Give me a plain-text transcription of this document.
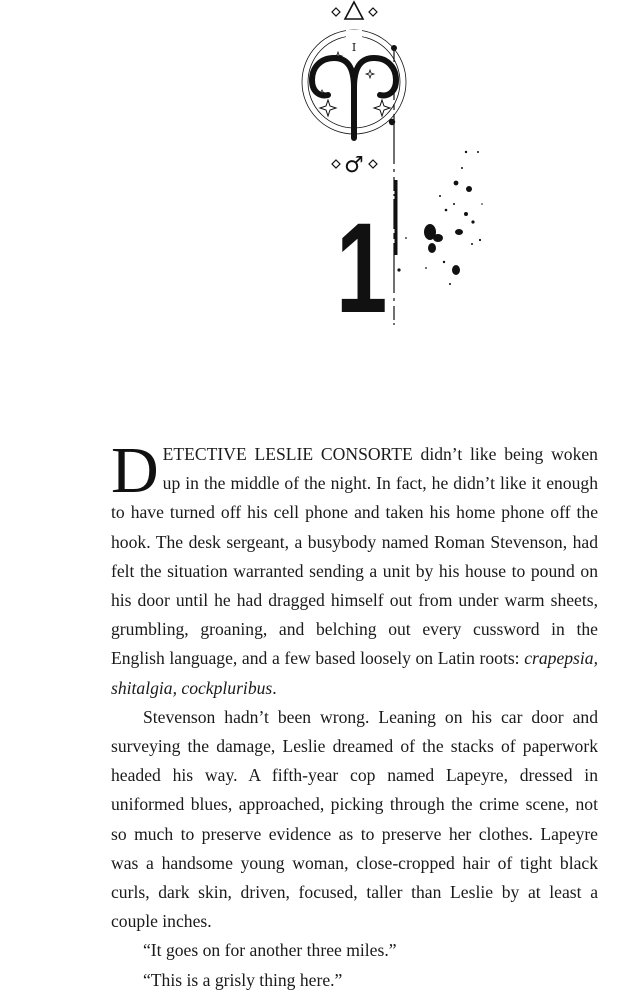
I
♂
1

DETECTIVE LESLIE CONSORTE didn’t like being woken up in the middle of the night. In fact, he didn’t like it enough to have turned off his cell phone and taken his home phone off the hook. The desk sergeant, a busybody named Roman Stevenson, had felt the situation warranted sending a unit by his house to pound on his door until he had dragged himself out from under warm sheets, grumbling, groaning, and belching out every cussword in the English language, and a few based loosely on Latin roots: crapepsia, shitalgia, cockpluribus.

Stevenson hadn’t been wrong. Leaning on his car door and surveying the damage, Leslie dreamed of the stacks of paperwork headed his way. A fifth-year cop named Lapeyre, dressed in uniformed blues, approached, picking through the crime scene, not so much to preserve evidence as to preserve her clothes. Lapeyre was a handsome young woman, close-cropped hair of tight black curls, dark skin, driven, focused, taller than Leslie by at least a couple inches.

“It goes on for another three miles.”

“This is a grisly thing here.”
